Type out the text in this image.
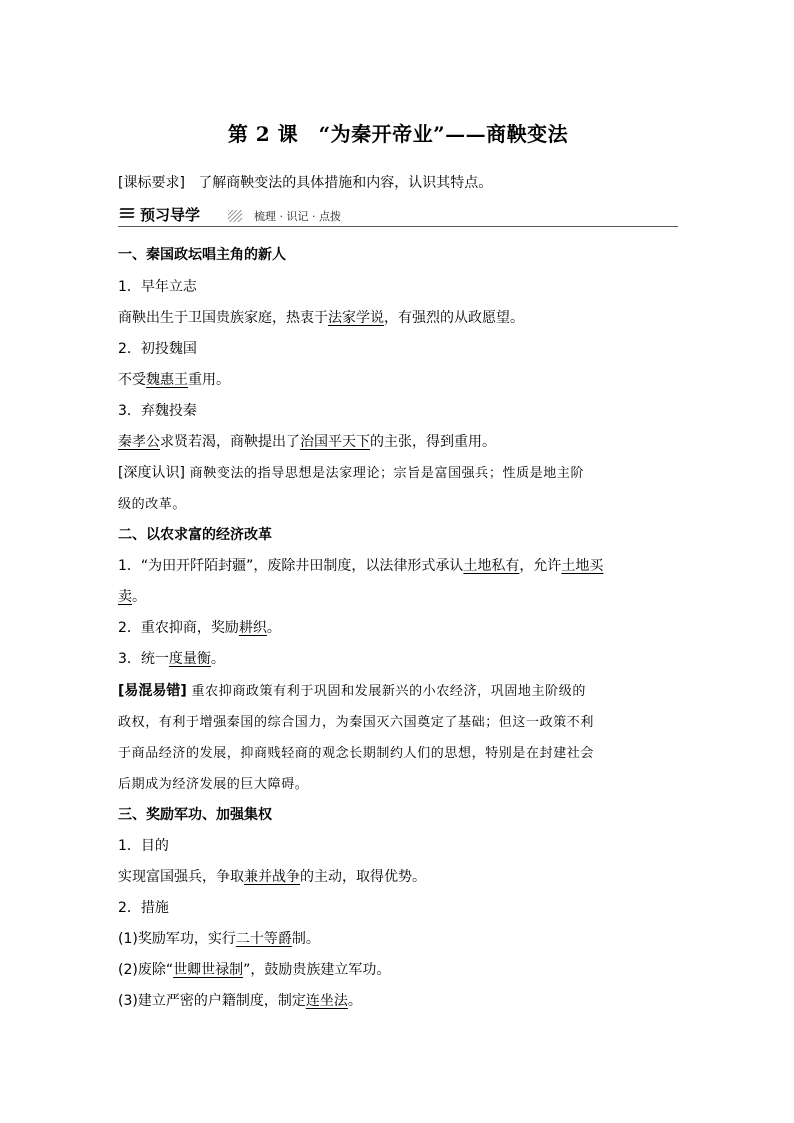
第 2 课　“为秦开帝业”——商鞅变法
[课标要求] 了解商鞅变法的具体措施和内容，认识其特点。
预习导学	梳理 · 识记 · 点拨
一、秦国政坛唱主角的新人
1．早年立志
商鞅出生于卫国贵族家庭，热衷于法家学说，有强烈的从政愿望。
2．初投魏国
不受魏惠王重用。
3．弃魏投秦
秦孝公求贤若渴，商鞅提出了治国平天下的主张，得到重用。
[深度认识] 商鞅变法的指导思想是法家理论；宗旨是富国强兵；性质是地主阶
级的改革。
二、以农求富的经济改革
1．“为田开阡陌封疆”，废除井田制度，以法律形式承认土地私有，允许土地买
卖。
2．重农抑商，奖励耕织。
3．统一度量衡。
[易混易错] 重农抑商政策有利于巩固和发展新兴的小农经济，巩固地主阶级的
政权，有利于增强秦国的综合国力，为秦国灭六国奠定了基础；但这一政策不利
于商品经济的发展，抑商贱轻商的观念长期制约人们的思想，特别是在封建社会
后期成为经济发展的巨大障碍。
三、奖励军功、加强集权
1．目的
实现富国强兵，争取兼并战争的主动，取得优势。
2．措施
(1)奖励军功，实行二十等爵制。
(2)废除“世卿世禄制”，鼓励贵族建立军功。
(3)建立严密的户籍制度，制定连坐法。
